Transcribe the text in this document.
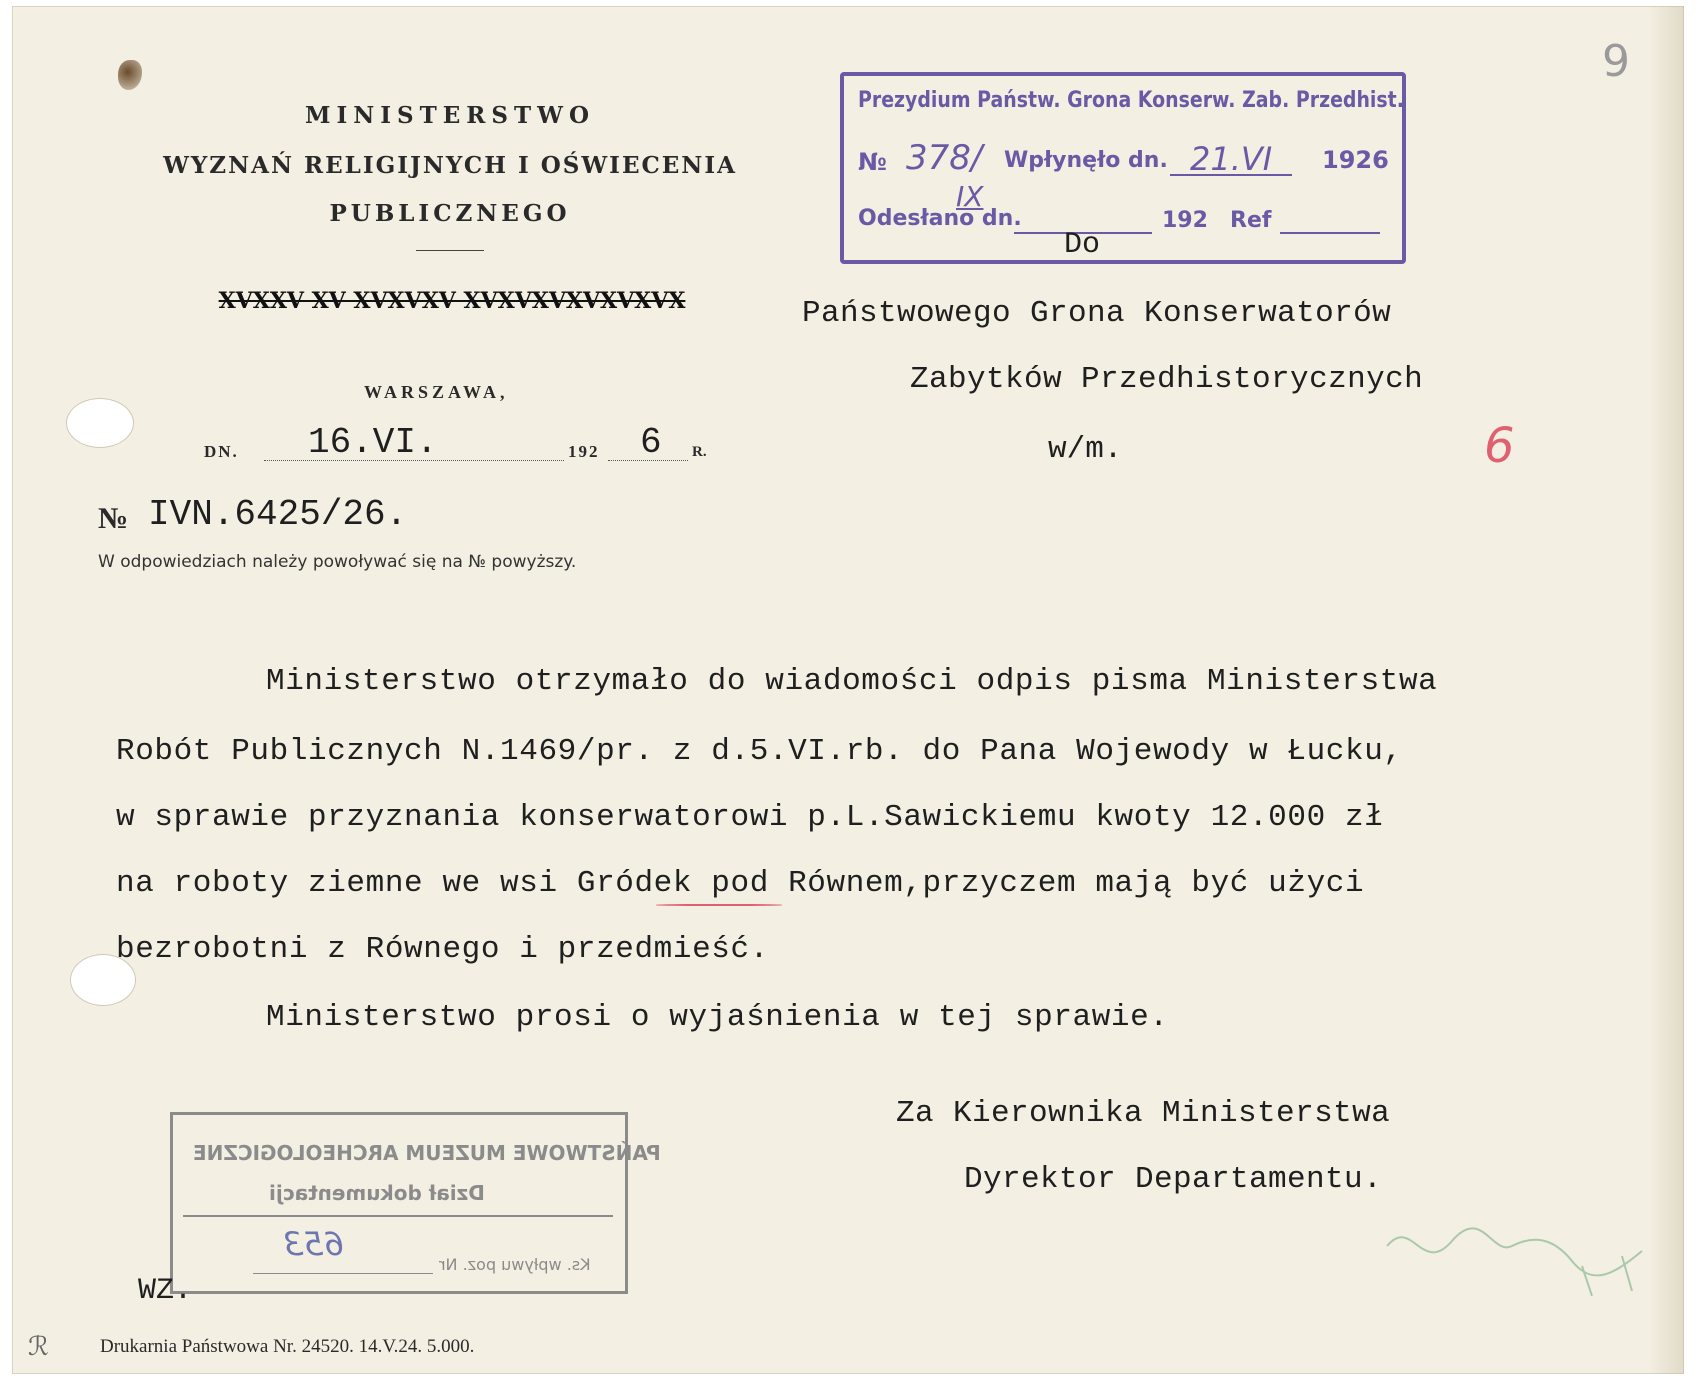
MINISTERSTWO
WYZNAŃ RELIGIJNYCH I OŚWIECENIA
PUBLICZNEGO
XVXXV XV XVXVXV XVXVXVXVXVXVX
WARSZAWA,
DN. 16.VI.	192 6 R.
№ IVN.6425/26.
W odpowiedziach należy powoływać się na № powyższy.
Prezydium Państw. Grona Konserw. Zab. Przedhist.
№ 378/
IX
Wpłynęło dn. 21.VI 1926
Odesłano dn.	192 Ref
9
Do
Państwowego Grona Konserwatorów
Zabytków Przedhistorycznych
w/m.	6
Ministerstwo otrzymało do wiadomości odpis pisma Ministerstwa
Robót Publicznych N.1469/pr. z d.5.VI.rb. do Pana Wojewody w Łucku,
w sprawie przyznania konserwatorowi p.L.Sawickiemu kwoty 12.000 zł
na roboty ziemne we wsi Gródek pod Równem,przyczem mają być użyci
bezrobotni z Równego i przedmieść.
Ministerstwo prosi o wyjaśnienia w tej sprawie.
Za Kierownika Ministerstwa
Dyrektor Departamentu.
PAŃSTWOWE MUZEUM ARCHEOLOGICZNE
Dział dokumentacji
653
Ks. wpływu poz. Nr
WZ.
Drukarnia Państwowa Nr. 24520. 14.V.24. 5.000.
ℛ
